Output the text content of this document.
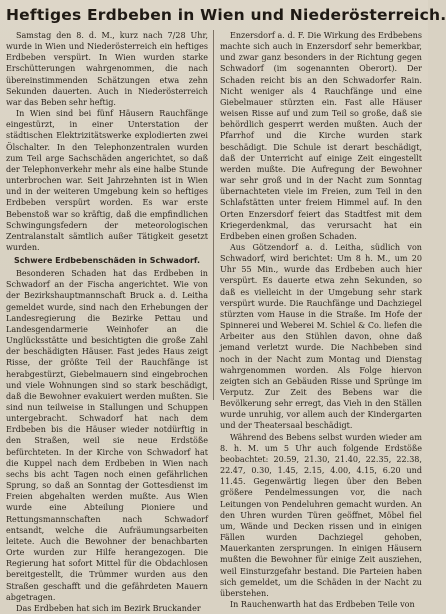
Heftiges Erdbeben in Wien und Niederösterreich.

Samstag den 8. d. M., kurz nach 7/28 Uhr, wurde in Wien und Niederösterreich ein heftiges Erdbeben verspürt. In Wien wurden starke Erschütterungen wahrgenommen, die nach übereinstimmenden Schätzungen etwa zehn Sekunden dauerten. Auch in Niederösterreich war das Beben sehr heftig.

In Wien sind bei fünf Häusern Rauchfänge eingestürzt, in einer Unterstation der städtischen Elektrizitätswerke explodierten zwei Ölschalter. In den Telephonzentralen wurden zum Teil arge Sachschäden angerichtet, so daß der Telephonverkehr mehr als eine halbe Stunde unterbrochen war. Seit Jahrzehnten ist in Wien und in der weiteren Umgebung kein so heftiges Erdbeben verspürt worden. Es war erste Bebenstoß war so kräftig, daß die empfindlichen Schwingungsfedern der meteorologischen Zentralanstalt sämtlich außer Tätigkeit gesetzt wurden.

Schwere Erdbebenschäden in Schwadorf.

Besonderen Schaden hat das Erdbeben in Schwadorf an der Fischa angerichtet. Wie von der Bezirkshauptmannschaft Bruck a. d. Leitha gemeldet wurde, sind nach den Erhebungen der Landesregierung die Bezirke Pettau und Landesgendarmerie Weinhofer an die Unglücksstätte und besichtigten die große Zahl der beschädigten Häuser. Fast jedes Haus zeigt Risse, der größte Teil der Rauchfänge ist herabgestürzt, Giebelmauern sind eingebrochen und viele Wohnungen sind so stark beschädigt, daß die Bewohner evakuiert werden mußten. Sie sind nun teilweise in Stallungen und Schuppen untergebracht. Schwadorf hat nach dem Erdbeben bis die Häuser wieder notdürftig in den Straßen, weil sie neue Erdstöße befürchteten. In der Kirche von Schwadorf hat die Kuppel nach dem Erdbeben in Wien nach sechs bis acht Tagen noch einen gefährlichen Sprung, so daß an Sonntag der Gottesdienst im Freien abgehalten werden mußte. Aus Wien wurde eine Abteilung Pioniere und Rettungsmannschaften nach Schwadorf entsandt, welche die Aufräumungsarbeiten leitete. Auch die Bewohner der benachbarten Orte wurden zur Hilfe herangezogen. Die Regierung hat sofort Mittel für die Obdachlosen bereitgestellt, die Trümmer wurden aus den Straßen geschafft und die gefährdeten Mauern abgetragen.

Das Erdbeben hat sich im Bezirk Bruckander

Enzersdorf a. d. F. Die Wirkung des Erdbebens machte sich auch in Enzersdorf sehr bemerkbar, und zwar ganz besonders in der Richtung gegen Schwadorf (im sogenannten Oberort). Der Schaden reicht bis an den Schwadorfer Rain. Nicht weniger als 4 Rauchfänge und eine Giebelmauer stürzten ein. Fast alle Häuser weisen Risse auf und zum Teil so große, daß sie behördlich gesperrt werden mußten. Auch der Pfarrhof und die Kirche wurden stark beschädigt. Die Schule ist derart beschädigt, daß der Unterricht auf einige Zeit eingestellt werden mußte. Die Aufregung der Bewohner war sehr groß und in der Nacht zum Sonntag übernachteten viele im Freien, zum Teil in den Schlafstätten unter freiem Himmel auf. In den Orten Enzersdorf feiert das Stadtfest mit dem Kriegerdenkmal, das verursacht hat ein Erdbeben einen großen Schaden.

Aus Götzendorf a. d. Leitha, südlich von Schwadorf, wird berichtet: Um 8 h. M., um 20 Uhr 55 Min., wurde das Erdbeben auch hier verspürt. Es dauerte etwa zehn Sekunden, so daß es vielleicht in der Umgebung sehr stark verspürt wurde. Die Rauchfänge und Dachziegel stürzten vom Hause in die Straße. Im Hofe der Spinnerei und Weberei M. Schiel & Co. liefen die Arbeiter aus den Stühlen davon, ohne daß jemand verletzt wurde. Die Nachbeben sind noch in der Nacht zum Montag und Dienstag wahrgenommen worden. Als Folge hiervon zeigten sich an Gebäuden Risse und Sprünge im Verputz. Zur Zeit des Bebens war die Bevölkerung sehr erregt, das Vieh in den Ställen wurde unruhig, vor allem auch der Kindergarten und der Theatersaal beschädigt.

Während des Bebens selbst wurden wieder am 8. h. M. um 5 Uhr auch folgende Erdstöße beobachtet: 20.59, 21.30, 21.40, 22.35, 22.38, 22.47, 0.30, 1.45, 2.15, 4.00, 4.15, 6.20 und 11.45. Gegenwärtig liegen über den Beben größere Pendelmessungen vor, die nach Leitungen von Pendeluhren gemacht wurden. An den Uhren wurden Türen geöffnet, Möbel fiel um, Wände und Decken rissen und in einigen Fällen wurden Dachziegel gehoben, Mauerkanten zersprungen. In einigen Häusern mußten die Bewohner für einige Zeit ausziehen, weil Einsturzgefahr bestand. Die Parteien haben sich gemeldet, um die Schäden in der Nacht zu überstehen.

In Rauchenwarth hat das Erdbeben Teile von
